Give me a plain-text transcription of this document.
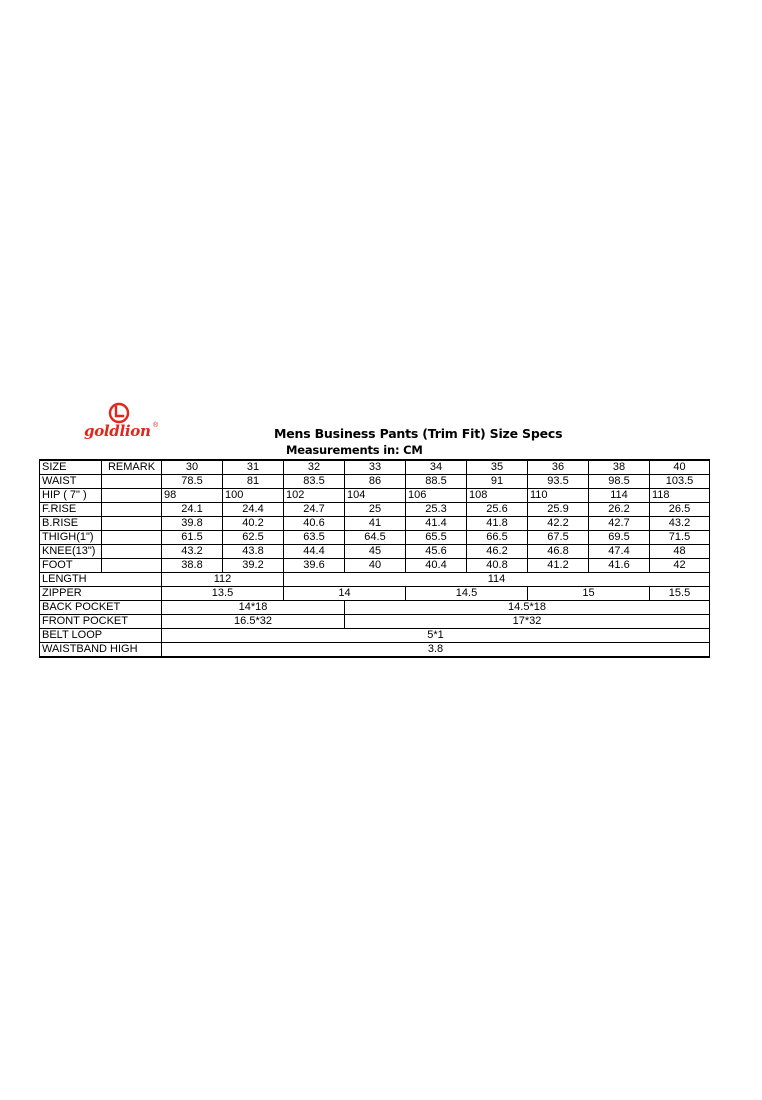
goldlion ®
Mens Business Pants (Trim Fit) Size Specs
Measurements in: CM
SIZE	REMARK	30	31	32	33	34	35	36	38	40
WAIST		78.5	81	83.5	86	88.5	91	93.5	98.5	103.5
HIP ( 7" )		98	100	102	104	106	108	110	114	118
F.RISE		24.1	24.4	24.7	25	25.3	25.6	25.9	26.2	26.5
B.RISE		39.8	40.2	40.6	41	41.4	41.8	42.2	42.7	43.2
THIGH(1")		61.5	62.5	63.5	64.5	65.5	66.5	67.5	69.5	71.5
KNEE(13")		43.2	43.8	44.4	45	45.6	46.2	46.8	47.4	48
FOOT		38.8	39.2	39.6	40	40.4	40.8	41.2	41.6	42
LENGTH		112		114						
ZIPPER		13.5		14		14.5		15		15.5
BACK POCKET		14*18			14.5*18					
FRONT POCKET		16.5*32			17*32					
BELT LOOP		5*1								
WAISTBAND HIGH		3.8								
